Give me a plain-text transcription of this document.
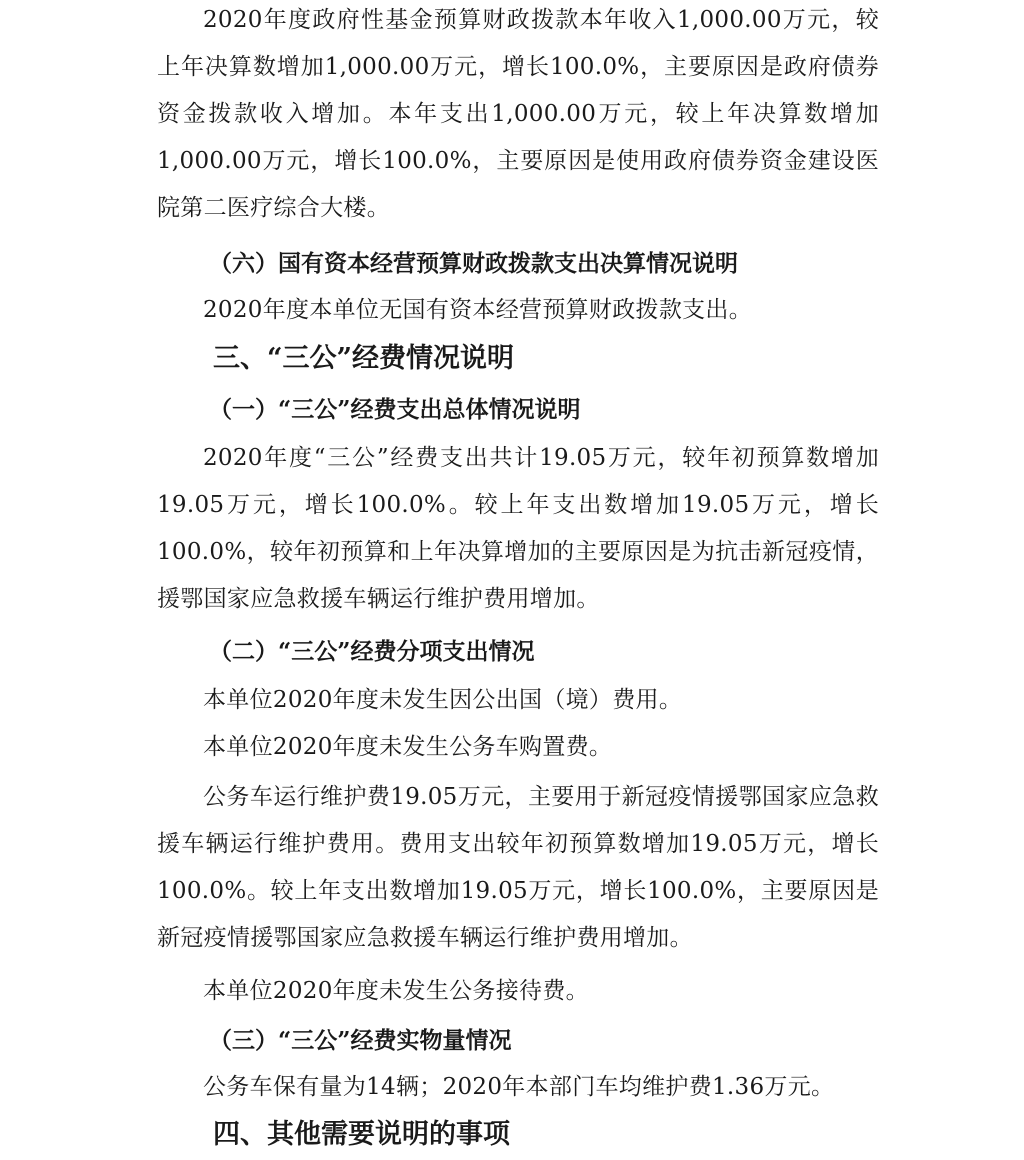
2020年度政府性基金预算财政拨款本年收入1,000.00万元，较上年决算数增加1,000.00万元，增长100.0%，主要原因是政府债券资金拨款收入增加。本年支出1,000.00万元，较上年决算数增加1,000.00万元，增长100.0%，主要原因是使用政府债券资金建设医院第二医疗综合大楼。

（六）国有资本经营预算财政拨款支出决算情况说明

2020年度本单位无国有资本经营预算财政拨款支出。

三、“三公”经费情况说明

（一）“三公”经费支出总体情况说明

2020年度“三公”经费支出共计19.05万元，较年初预算数增加19.05万元，增长100.0%。较上年支出数增加19.05万元，增长100.0%，较年初预算和上年决算增加的主要原因是为抗击新冠疫情，援鄂国家应急救援车辆运行维护费用增加。

（二）“三公”经费分项支出情况

本单位2020年度未发生因公出国（境）费用。

本单位2020年度未发生公务车购置费。

公务车运行维护费19.05万元，主要用于新冠疫情援鄂国家应急救援车辆运行维护费用。费用支出较年初预算数增加19.05万元，增长100.0%。较上年支出数增加19.05万元，增长100.0%，主要原因是新冠疫情援鄂国家应急救援车辆运行维护费用增加。

本单位2020年度未发生公务接待费。

（三）“三公”经费实物量情况

公务车保有量为14辆；2020年本部门车均维护费1.36万元。

四、其他需要说明的事项
